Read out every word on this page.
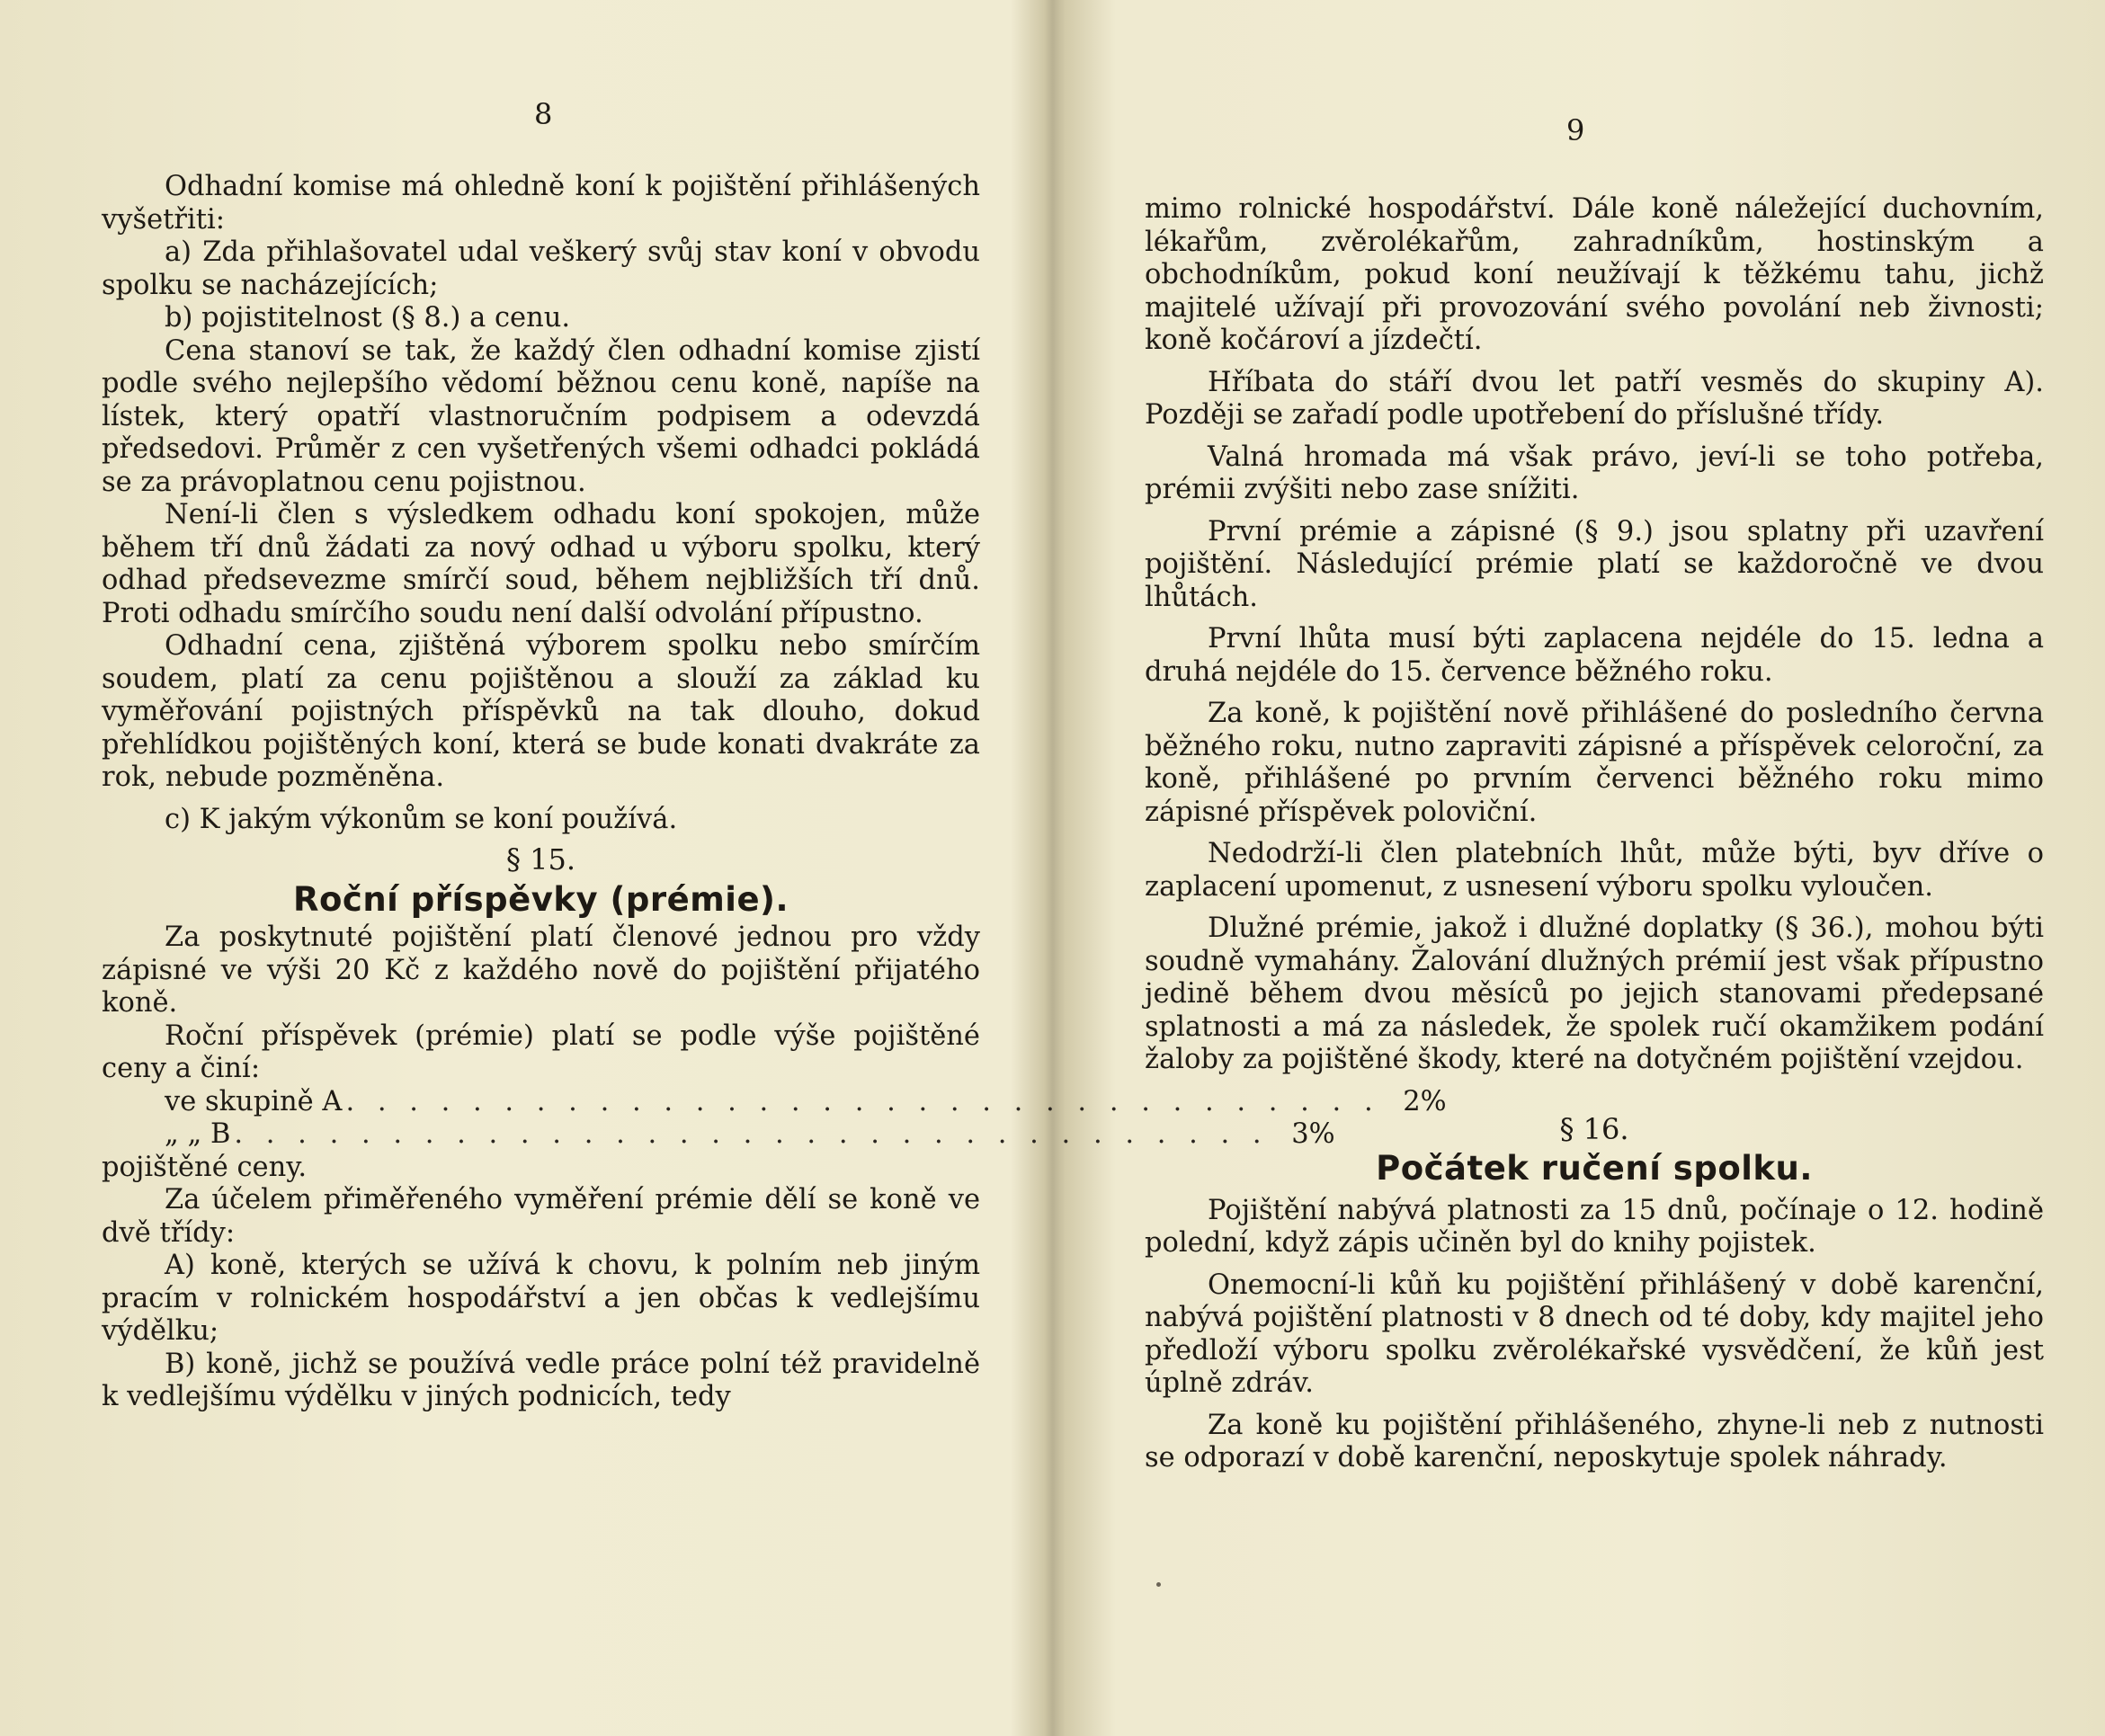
8

Odhadní komise má ohledně koní k pojištění přihlášených vyšetřiti:

a) Zda přihlašovatel udal veškerý svůj stav koní v obvodu spolku se nacházejících;

b) pojistitelnost (§ 8.) a cenu.

Cena stanoví se tak, že každý člen odhadní komise zjistí podle svého nejlepšího vědomí běžnou cenu koně, napíše na lístek, který opatří vlastnoručním podpisem a odevzdá předsedovi. Průměr z cen vyšetřených všemi odhadci pokládá se za právoplatnou cenu pojistnou.

Není-li člen s výsledkem odhadu koní spokojen, může během tří dnů žádati za nový odhad u výboru spolku, který odhad předsevezme smírčí soud, během nejbližších tří dnů. Proti odhadu smírčího soudu není další odvolání přípustno.

Odhadní cena, zjištěná výborem spolku nebo smírčím soudem, platí za cenu pojištěnou a slouží za základ ku vyměřování pojistných příspěvků na tak dlouho, dokud přehlídkou pojištěných koní, která se bude konati dvakráte za rok, nebude pozměněna.

c) K jakým výkonům se koní používá.

§ 15.

Roční příspěvky (prémie).

Za poskytnuté pojištění platí členové jednou pro vždy zápisné ve výši 20 Kč z každého nově do pojištění přijatého koně.

Roční příspěvek (prémie) platí se podle výše pojištěné ceny a činí:

ve skupině A . . . . . . . . . . . . . . . . . . . . . . . . . . . . . . . . . 2%
„ „ B . . . . . . . . . . . . . . . . . . . . . . . . . . . . . . . . . 3%

pojištěné ceny.

Za účelem přiměřeného vyměření prémie dělí se koně ve dvě třídy:

A) koně, kterých se užívá k chovu, k polním neb jiným pracím v rolnickém hospodářství a jen občas k vedlejšímu výdělku;

B) koně, jichž se používá vedle práce polní též pravidelně k vedlejšímu výdělku v jiných podnicích, tedy

9

mimo rolnické hospodářství. Dále koně náležející duchovním, lékařům, zvěrolékařům, zahradníkům, hostinským a obchodníkům, pokud koní neužívají k těžkému tahu, jichž majitelé užívají při provozování svého povolání neb živnosti; koně kočároví a jízdečtí.

Hříbata do stáří dvou let patří vesměs do skupiny A). Později se zařadí podle upotřebení do příslušné třídy.

Valná hromada má však právo, jeví-li se toho potřeba, prémii zvýšiti nebo zase snížiti.

První prémie a zápisné (§ 9.) jsou splatny při uzavření pojištění. Následující prémie platí se každoročně ve dvou lhůtách.

První lhůta musí býti zaplacena nejdéle do 15. ledna a druhá nejdéle do 15. července běžného roku.

Za koně, k pojištění nově přihlášené do posledního června běžného roku, nutno zapraviti zápisné a příspěvek celoroční, za koně, přihlášené po prvním červenci běžného roku mimo zápisné příspěvek poloviční.

Nedodrží-li člen platebních lhůt, může býti, byv dříve o zaplacení upomenut, z usnesení výboru spolku vyloučen.

Dlužné prémie, jakož i dlužné doplatky (§ 36.), mohou býti soudně vymahány. Žalování dlužných prémií jest však přípustno jedině během dvou měsíců po jejich stanovami předepsané splatnosti a má za následek, že spolek ručí okamžikem podání žaloby za pojištěné škody, které na dotyčném pojištění vzejdou.

§ 16.

Počátek ručení spolku.

Pojištění nabývá platnosti za 15 dnů, počínaje o 12. hodině polední, když zápis učiněn byl do knihy pojistek.

Onemocní-li kůň ku pojištění přihlášený v době karenční, nabývá pojištění platnosti v 8 dnech od té doby, kdy majitel jeho předloží výboru spolku zvěrolékařské vysvědčení, že kůň jest úplně zdráv.

Za koně ku pojištění přihlášeného, zhyne-li neb z nutnosti se odporazí v době karenční, neposkytuje spolek náhrady.
